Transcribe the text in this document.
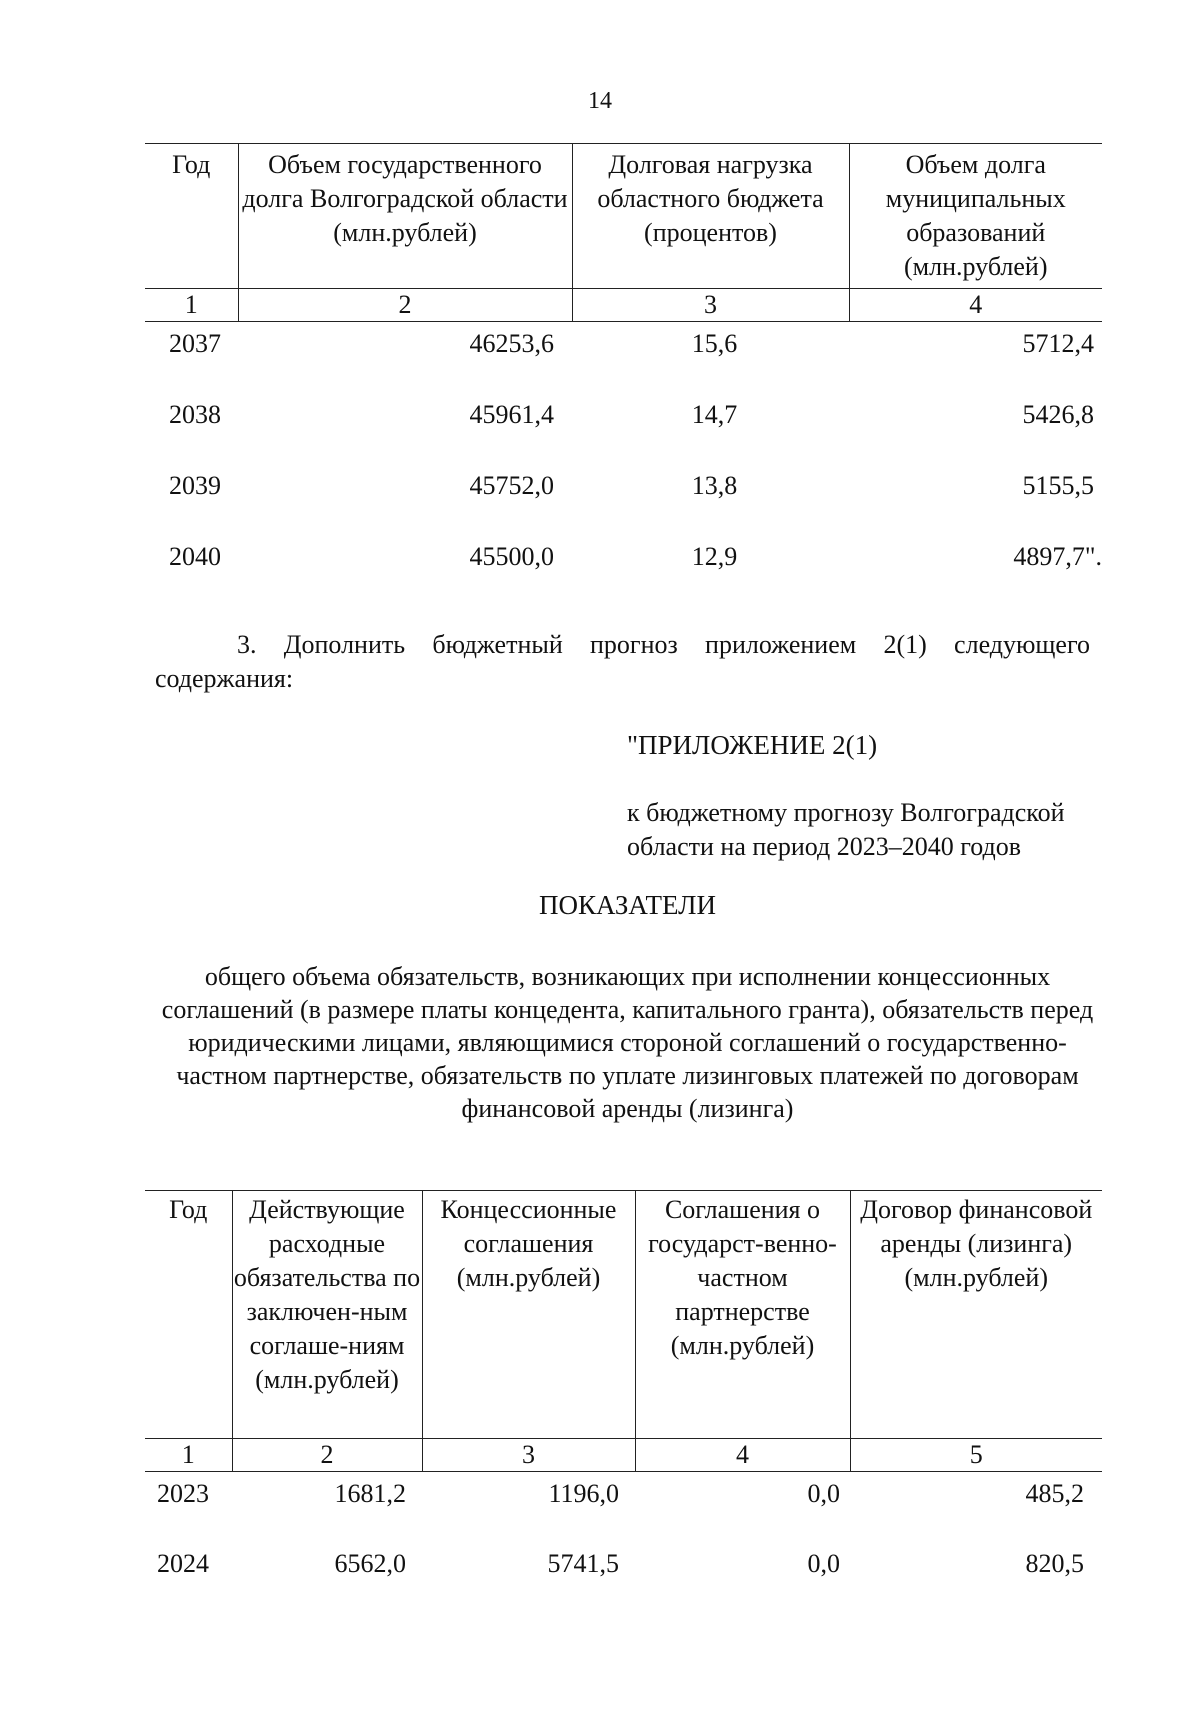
14
Год	Объем государственного долга Волгоградской области (млн.рублей)	Долговая нагрузка областного бюджета (процентов)	Объем долга муниципальных образований (млн.рублей)
1	2	3	4
2037	46253,6	15,6	5712,4
2038	45961,4	14,7	5426,8
2039	45752,0	13,8	5155,5
2040	45500,0	12,9	4897,7".
3. Дополнить бюджетный прогноз приложением 2(1) следующего содержания:
"ПРИЛОЖЕНИЕ 2(1)
к бюджетному прогнозу Волгоградской области на период 2023–2040 годов
ПОКАЗАТЕЛИ
общего объема обязательств, возникающих при исполнении концессионных соглашений (в размере платы концедента, капитального гранта), обязательств перед юридическими лицами, являющимися стороной соглашений о государственно-частном партнерстве, обязательств по уплате лизинговых платежей по договорам финансовой аренды (лизинга)
Год	Действующие расходные обязательства по заключен-ным соглаше-ниям (млн.рублей)	Концессионные соглашения (млн.рублей)	Соглашения о государст-венно-частном партнерстве (млн.рублей)	Договор финансовой аренды (лизинга) (млн.рублей)
1	2	3	4	5
2023	1681,2	1196,0	0,0	485,2
2024	6562,0	5741,5	0,0	820,5
